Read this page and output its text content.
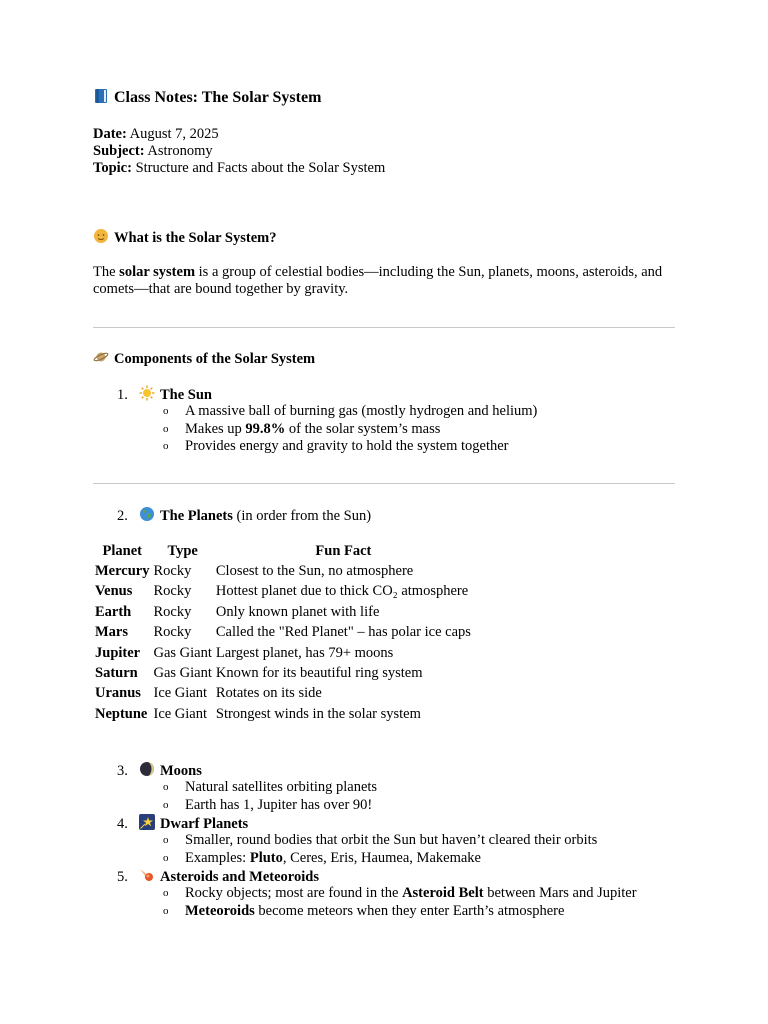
Class Notes: The Solar System
Date: August 7, 2025
Subject: Astronomy
Topic: Structure and Facts about the Solar System
What is the Solar System?
The solar system is a group of celestial bodies—including the Sun, planets, moons, asteroids, and comets—that are bound together by gravity.
Components of the Solar System
1. The Sun
o A massive ball of burning gas (mostly hydrogen and helium)
o Makes up 99.8% of the solar system’s mass
o Provides energy and gravity to hold the system together
2. The Planets (in order from the Sun)
Planet	Type	Fun Fact
Mercury	Rocky	Closest to the Sun, no atmosphere
Venus	Rocky	Hottest planet due to thick CO₂ atmosphere
Earth	Rocky	Only known planet with life
Mars	Rocky	Called the "Red Planet" – has polar ice caps
Jupiter	Gas Giant	Largest planet, has 79+ moons
Saturn	Gas Giant	Known for its beautiful ring system
Uranus	Ice Giant	Rotates on its side
Neptune	Ice Giant	Strongest winds in the solar system
3. Moons
o Natural satellites orbiting planets
o Earth has 1, Jupiter has over 90!
4. Dwarf Planets
o Smaller, round bodies that orbit the Sun but haven’t cleared their orbits
o Examples: Pluto, Ceres, Eris, Haumea, Makemake
5. Asteroids and Meteoroids
o Rocky objects; most are found in the Asteroid Belt between Mars and Jupiter
o Meteoroids become meteors when they enter Earth’s atmosphere
